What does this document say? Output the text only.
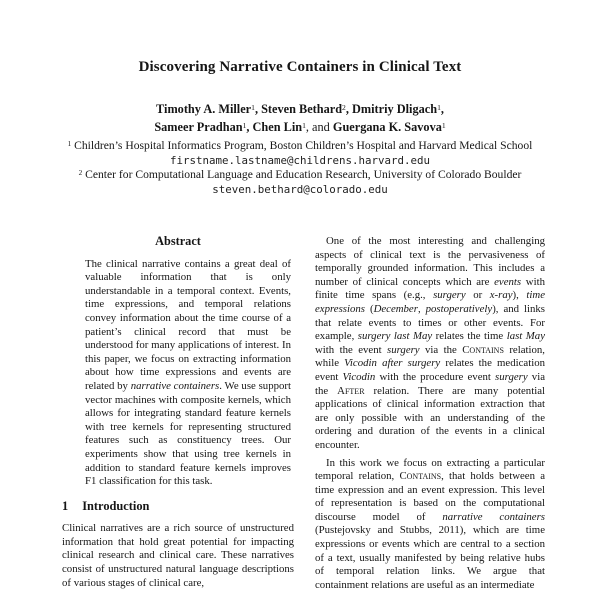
Discovering Narrative Containers in Clinical Text
Timothy A. Miller$^1$, Steven Bethard$^2$, Dmitriy Dligach$^1$,
Sameer Pradhan$^1$, Chen Lin$^1$, and Guergana K. Savova$^1$
$^1$ Children’s Hospital Informatics Program, Boston Children’s Hospital and Harvard Medical School
firstname.lastname@childrens.harvard.edu
$^2$ Center for Computational Language and Education Research, University of Colorado Boulder
steven.bethard@colorado.edu
Abstract

The clinical narrative contains a great deal of valuable information that is only understandable in a temporal context. Events, time expressions, and temporal relations convey information about the time course of a patient’s clinical record that must be understood for many applications of interest. In this paper, we focus on extracting information about how time expressions and events are related by narrative containers. We use support vector machines with composite kernels, which allows for integrating standard feature kernels with tree kernels for representing structured features such as constituency trees. Our experiments show that using tree kernels in addition to standard feature kernels improves F1 classification for this task.

1 Introduction

Clinical narratives are a rich source of unstructured information that hold great potential for impacting clinical research and clinical care. These narratives consist of unstructured natural language descriptions of various stages of clinical care,

One of the most interesting and challenging aspects of clinical text is the pervasiveness of temporally grounded information. This includes a number of clinical concepts which are events with finite time spans (e.g., surgery or x-ray), time expressions (December, postoperatively), and links that relate events to times or other events. For example, surgery last May relates the time last May with the event surgery via the Contains relation, while Vicodin after surgery relates the medication event Vicodin with the procedure event surgery via the After relation. There are many potential applications of clinical information extraction that are only possible with an understanding of the ordering and duration of the events in a clinical encounter.

In this work we focus on extracting a particular temporal relation, Contains, that holds between a time expression and an event expression. This level of representation is based on the computational discourse model of narrative containers (Pustejovsky and Stubbs, 2011), which are time expressions or events which are central to a section of a text, usually manifested by being relative hubs of temporal relation links. We argue that containment relations are useful as an intermediate
